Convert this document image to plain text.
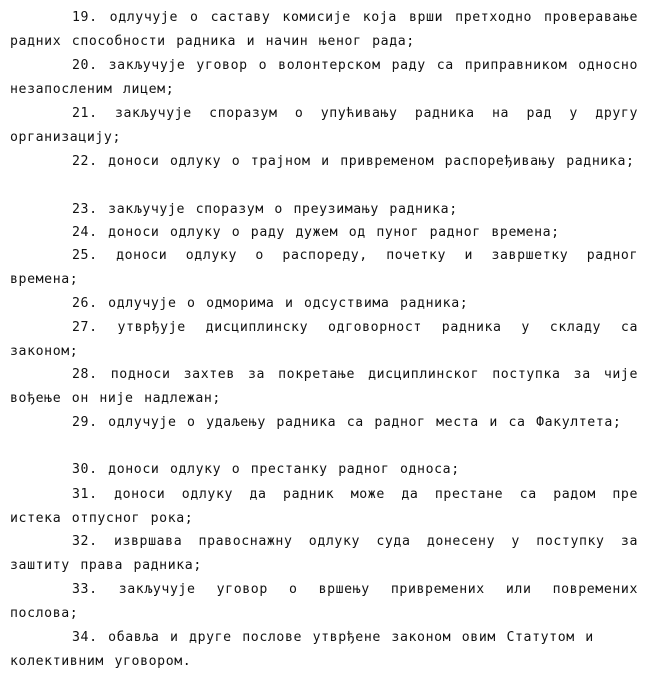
19. одлучује о саставу комисије која врши претходно проверавање радних способности радника и начин њеног рада;

20. закључује уговор о волонтерском раду са приправником односно незапосленим лицем;

21. закључује споразум о упућивању радника на рад у другу организацију;

22. доноси одлуку о трајном и привременом распоређивању радника;

23. закључује споразум о преузимању радника;

24. доноси одлуку о раду дужем од пуног радног времена;

25. доноси одлуку о распореду, почетку и завршетку радног времена;

26. одлучује о одморима и одсуствима радника;

27. утврђује дисциплинску одговорност радника у складу са законом;

28. подноси захтев за покретање дисциплинског поступка за чије вођење он није надлежан;

29. одлучује о удаљењу радника са радног места и са Факултета;

30. доноси одлуку о престанку радног односа;

31. доноси одлуку да радник може да престане са радом пре истека отпусног рока;

32. извршава правоснажну одлуку суда донесену у поступку за заштиту права радника;

33. закључује уговор о вршењу привремених или повремених послова;

34. обавља и друге послове утврђене законом овим Статутом и колективним уговором.
